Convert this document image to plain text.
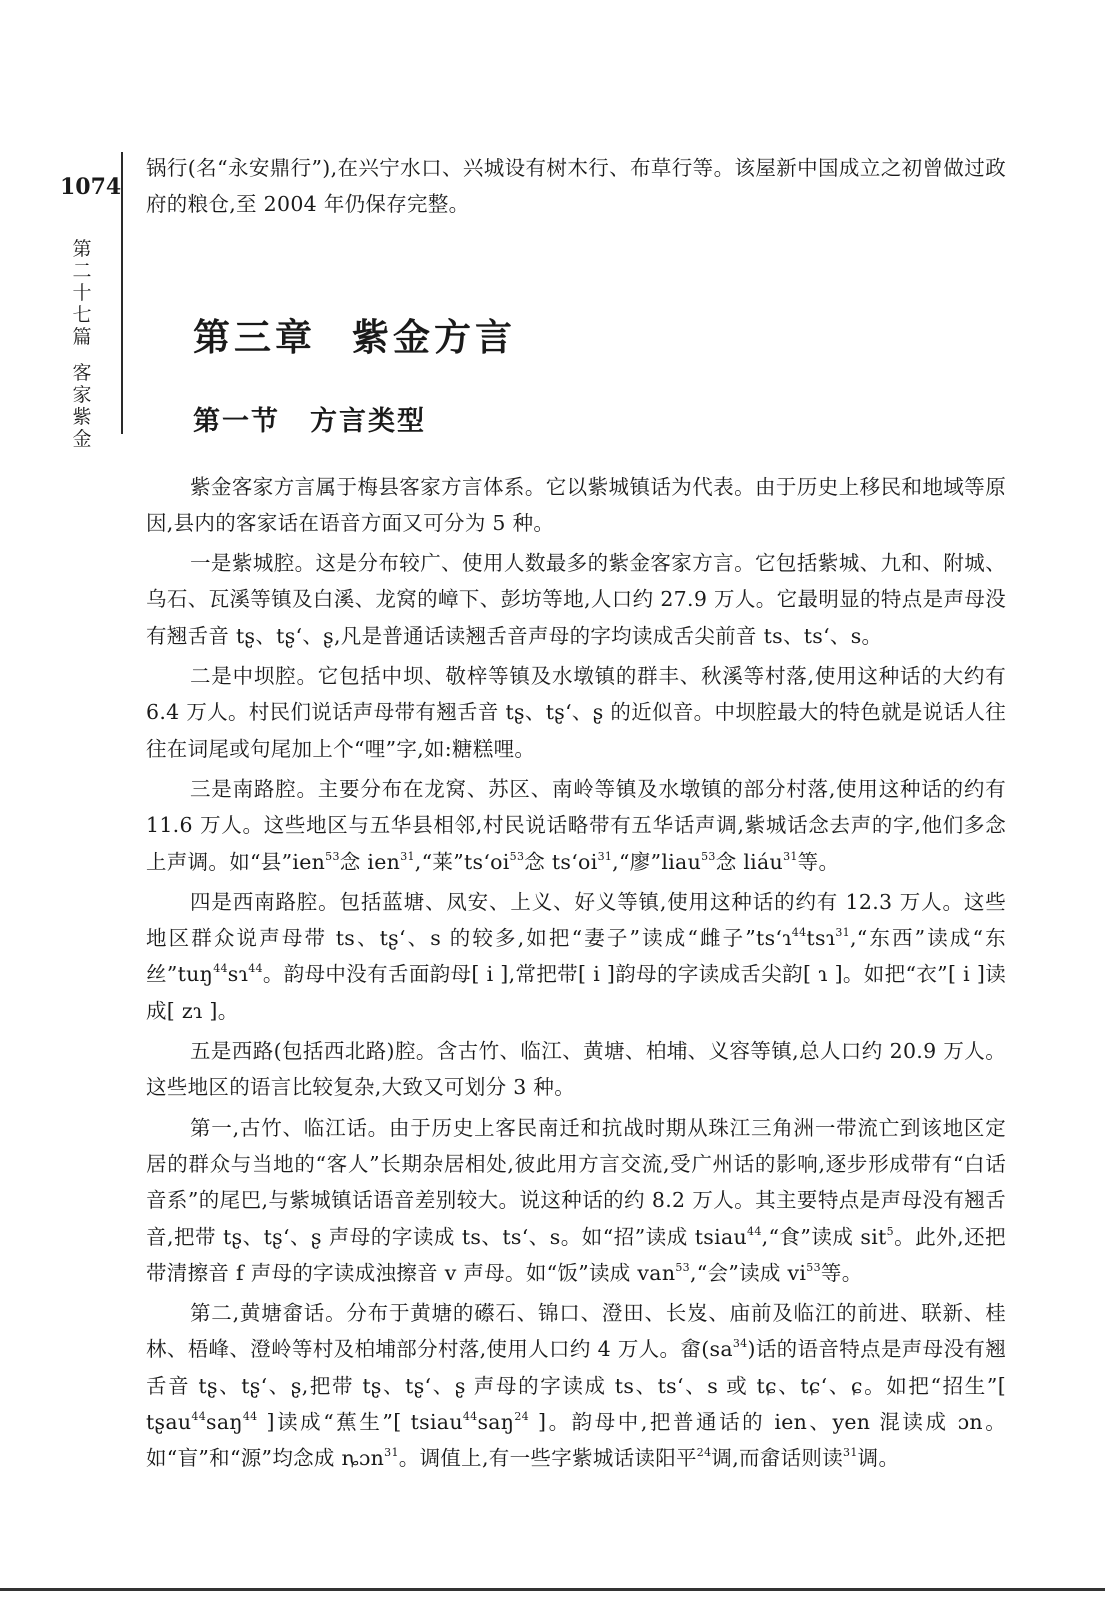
1074
第
二
十
七
篇
客
家
紫
金

锅行(名“永安鼎行”),在兴宁水口、兴城设有树木行、布草行等。该屋新中国成立之初曾做过政府的粮仓,至 2004 年仍保存完整。

第三章 紫金方言
第一节 方言类型

紫金客家方言属于梅县客家方言体系。它以紫城镇话为代表。由于历史上移民和地域等原因,县内的客家话在语音方面又可分为 5 种。

一是紫城腔。这是分布较广、使用人数最多的紫金客家方言。它包括紫城、九和、附城、乌石、瓦溪等镇及白溪、龙窝的嶂下、彭坊等地,人口约 27.9 万人。它最明显的特点是声母没有翘舌音 tʂ、tʂ‘、ʂ,凡是普通话读翘舌音声母的字均读成舌尖前音 ts、ts‘、s。

二是中坝腔。它包括中坝、敬梓等镇及水墩镇的群丰、秋溪等村落,使用这种话的大约有 6.4 万人。村民们说话声母带有翘舌音 tʂ、tʂ‘、ʂ 的近似音。中坝腔最大的特色就是说话人往往在词尾或句尾加上个“哩”字,如:糖糕哩。

三是南路腔。主要分布在龙窝、苏区、南岭等镇及水墩镇的部分村落,使用这种话的约有 11.6 万人。这些地区与五华县相邻,村民说话略带有五华话声调,紫城话念去声的字,他们多念上声调。如“县”ien$^{53}$念 ien$^{31}$,“莱$”ts‘oi^{53}$念 $ts‘oi^{31},“$廖”liau$^{53}$念 liáu$^{31}$等。

四是西南路腔。包括蓝塘、凤安、上义、好义等镇,使用这种话的约有 12.3 万人。这些地区群众说声母带 ts、tʂ‘、s 的较多,如把“妻子”读成“雌子”ts‘ɿ$^{44}$tsɿ$^{31}$,“东西”读成“东丝”tuŋ$^{44}$sɿ$^{44}$。韵母中没有舌面韵母[ i ],常把带[ i ]韵母的字读成舌尖韵[ ɿ ]。如把“衣”[ i ]读成[ zɿ ]。

五是西路(包括西北路)腔。含古竹、临江、黄塘、柏埔、义容等镇,总人口约 20.9 万人。这些地区的语言比较复杂,大致又可划分 3 种。

第一,古竹、临江话。由于历史上客民南迁和抗战时期从珠江三角洲一带流亡到该地区定居的群众与当地的“客人”长期杂居相处,彼此用方言交流,受广州话的影响,逐步形成带有“白话音系”的尾巴,与紫城镇话语音差别较大。说这种话的约 8.2 万人。其主要特点是声母没有翘舌音,把带 tʂ、tʂ‘、ʂ 声母的字读成 ts、ts‘、s。如“招”读成 tsiau$^{44}$,“食”读成 sit$^5$。此外,还把带清擦音 f 声母的字读成浊擦音 v 声母。如“饭”读成 van$^{53}$,“会”读成 $vi^{53}$等。

第二,黄塘畲话。分布于黄塘的礤石、锦口、澄田、长岌、庙前及临江的前进、联新、桂林、梧峰、澄岭等村及柏埔部分村落,使用人口约 4 万人。畲$(sa^{34})$话的语音特点是声母没有翘舌音 tʂ、tʂ‘、ʂ,把带 tʂ、tʂ‘、ʂ 声母的字读成 ts、ts‘、s 或 tɕ、tɕ‘、ɕ。如把“招生”[ tʂau$^{44}$saŋ$^{44}$ ]读成“蕉生”[ tsiau$^{44}$saŋ$^{24}$ ]。韵母中,把普通话的 ien、yen 混读成 ɔn。如“盲”和“源”均念成 ȵɔn$^{31}$。调值上,有一些字紫城话读阳平$^{24}$调,而畲话则读$^{31}$调。
